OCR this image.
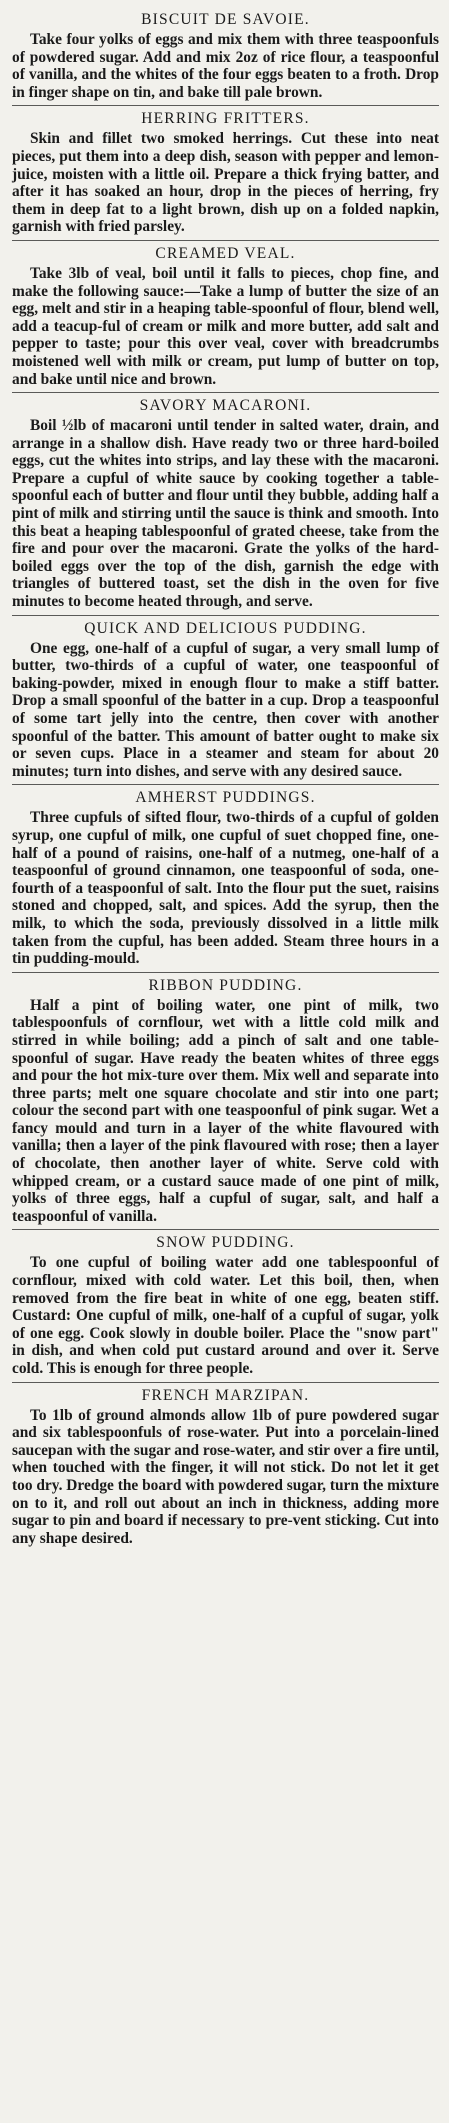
BISCUIT DE SAVOIE.

Take four yolks of eggs and mix them with three teaspoonfuls of powdered sugar. Add and mix 2oz of rice flour, a teaspoonful of vanilla, and the whites of the four eggs beaten to a froth. Drop in finger shape on tin, and bake till pale brown.

HERRING FRITTERS.

Skin and fillet two smoked herrings. Cut these into neat pieces, put them into a deep dish, season with pepper and lemon-juice, moisten with a little oil. Prepare a thick frying batter, and after it has soaked an hour, drop in the pieces of herring, fry them in deep fat to a light brown, dish up on a folded napkin, garnish with fried parsley.

CREAMED VEAL.

Take 3lb of veal, boil until it falls to pieces, chop fine, and make the following sauce:—Take a lump of butter the size of an egg, melt and stir in a heaping table-spoonful of flour, blend well, add a teacup-ful of cream or milk and more butter, add salt and pepper to taste; pour this over veal, cover with breadcrumbs moistened well with milk or cream, put lump of butter on top, and bake until nice and brown.

SAVORY MACARONI.

Boil ½lb of macaroni until tender in salted water, drain, and arrange in a shallow dish. Have ready two or three hard-boiled eggs, cut the whites into strips, and lay these with the macaroni. Prepare a cupful of white sauce by cooking together a table-spoonful each of butter and flour until they bubble, adding half a pint of milk and stirring until the sauce is think and smooth. Into this beat a heaping tablespoonful of grated cheese, take from the fire and pour over the macaroni. Grate the yolks of the hard-boiled eggs over the top of the dish, garnish the edge with triangles of buttered toast, set the dish in the oven for five minutes to become heated through, and serve.

QUICK AND DELICIOUS PUDDING.

One egg, one-half of a cupful of sugar, a very small lump of butter, two-thirds of a cupful of water, one teaspoonful of baking-powder, mixed in enough flour to make a stiff batter. Drop a small spoonful of the batter in a cup. Drop a teaspoonful of some tart jelly into the centre, then cover with another spoonful of the batter. This amount of batter ought to make six or seven cups. Place in a steamer and steam for about 20 minutes; turn into dishes, and serve with any desired sauce.

AMHERST PUDDINGS.

Three cupfuls of sifted flour, two-thirds of a cupful of golden syrup, one cupful of milk, one cupful of suet chopped fine, one-half of a pound of raisins, one-half of a nutmeg, one-half of a teaspoonful of ground cinnamon, one teaspoonful of soda, one-fourth of a teaspoonful of salt. Into the flour put the suet, raisins stoned and chopped, salt, and spices. Add the syrup, then the milk, to which the soda, previously dissolved in a little milk taken from the cupful, has been added. Steam three hours in a tin pudding-mould.

RIBBON PUDDING.

Half a pint of boiling water, one pint of milk, two tablespoonfuls of cornflour, wet with a little cold milk and stirred in while boiling; add a pinch of salt and one table-spoonful of sugar. Have ready the beaten whites of three eggs and pour the hot mix-ture over them. Mix well and separate into three parts; melt one square chocolate and stir into one part; colour the second part with one teaspoonful of pink sugar. Wet a fancy mould and turn in a layer of the white flavoured with vanilla; then a layer of the pink flavoured with rose; then a layer of chocolate, then another layer of white. Serve cold with whipped cream, or a custard sauce made of one pint of milk, yolks of three eggs, half a cupful of sugar, salt, and half a teaspoonful of vanilla.

SNOW PUDDING.

To one cupful of boiling water add one tablespoonful of cornflour, mixed with cold water. Let this boil, then, when removed from the fire beat in white of one egg, beaten stiff. Custard: One cupful of milk, one-half of a cupful of sugar, yolk of one egg. Cook slowly in double boiler. Place the "snow part" in dish, and when cold put custard around and over it. Serve cold. This is enough for three people.

FRENCH MARZIPAN.

To 1lb of ground almonds allow 1lb of pure powdered sugar and six tablespoonfuls of rose-water. Put into a porcelain-lined saucepan with the sugar and rose-water, and stir over a fire until, when touched with the finger, it will not stick. Do not let it get too dry. Dredge the board with powdered sugar, turn the mixture on to it, and roll out about an inch in thickness, adding more sugar to pin and board if necessary to pre-vent sticking. Cut into any shape desired.
